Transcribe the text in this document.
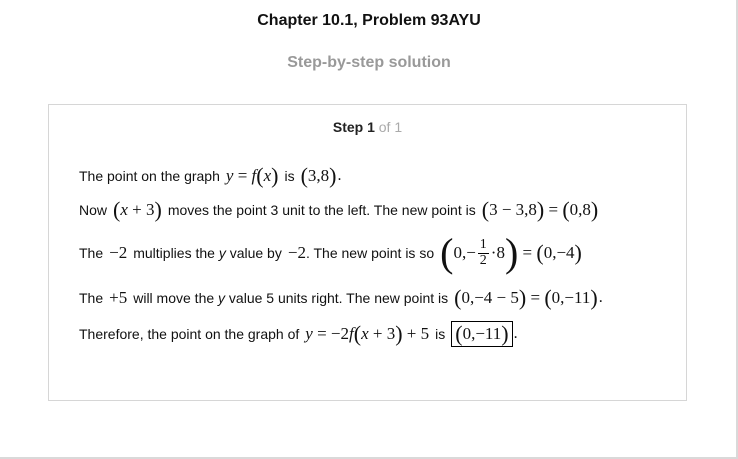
Chapter 10.1, Problem 93AYU
Step-by-step solution
Step 1 of 1
The point on the graph y = f ( x ) is ( 3,8 ) .
Now ( x + 3 ) moves the point 3 unit to the left. The new point is ( 3 − 3,8 ) = ( 0,8 )
The −2 multiplies the
y
value by −2 . The new point is so ( $0,- \frac{1}{2} \cdot 8$ ) = ( 0,−4 )
The +5 will move the
y
value 5 units right. The new point is ( 0,−4 − 5 ) = ( 0,−11 ) .
Therefore, the point on the graph of y = −2 f ( x + 3 ) + 5 is ( 0,−11 ) .
